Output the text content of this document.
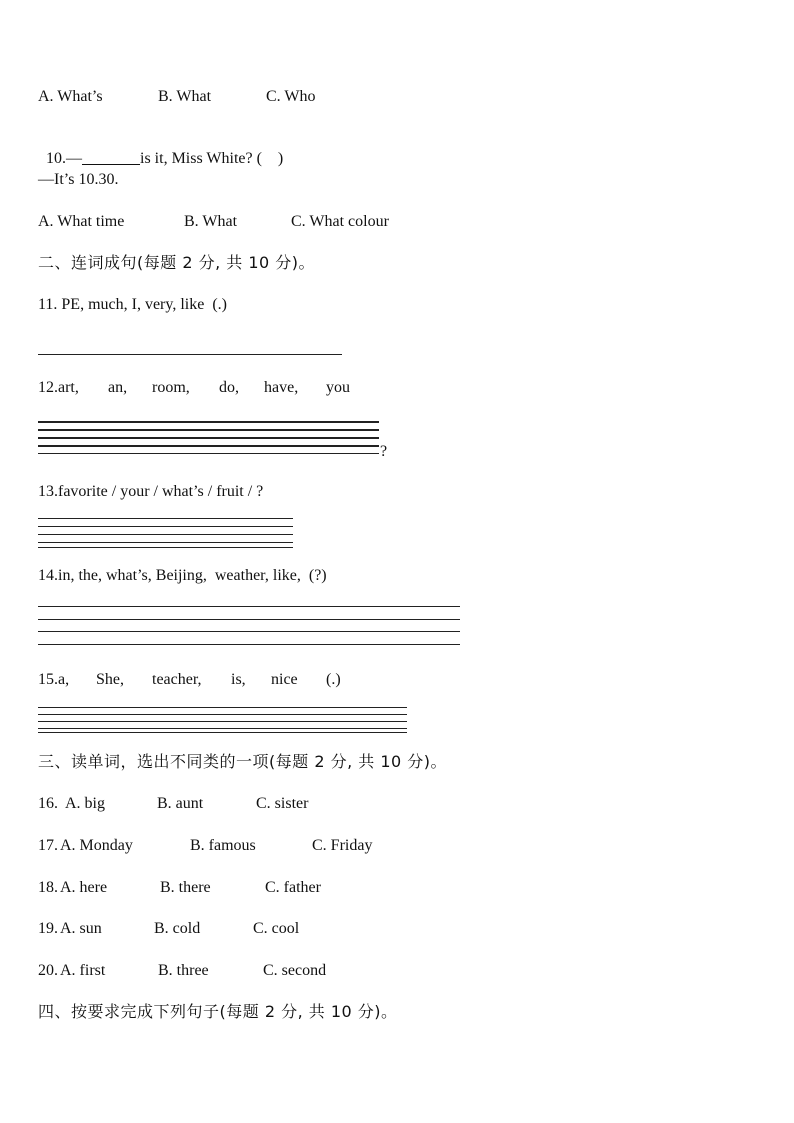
A. What’s

	B. What

	C. Who

10.—	is it, Miss White? (    )

—It’s 10.30.

A. What time

	B. What

	C. What colour

二、连词成句(每题 2 分, 共 10 分)。
11. PE, much, I, very, like  (.)

12.art,

an,

room,

do,

have,

you

?
13.favorite / your / what’s / fruit / ?
14.in, the, what’s, Beijing,  weather, like,  (?)

15.a,

She,

teacher,

is,

nice

(.)

三、读单词，选出不同类的一项(每题 2 分, 共 10 分)。

16.

A. big

	B. aunt

	C. sister

17.

A. Monday

	B. famous

	C. Friday

18.

A. here

	B. there

	C. father

19.

A. sun

	B. cold

	C. cool

20.

A. first

	B. three

	C. second

四、按要求完成下列句子(每题 2 分, 共 10 分)。
